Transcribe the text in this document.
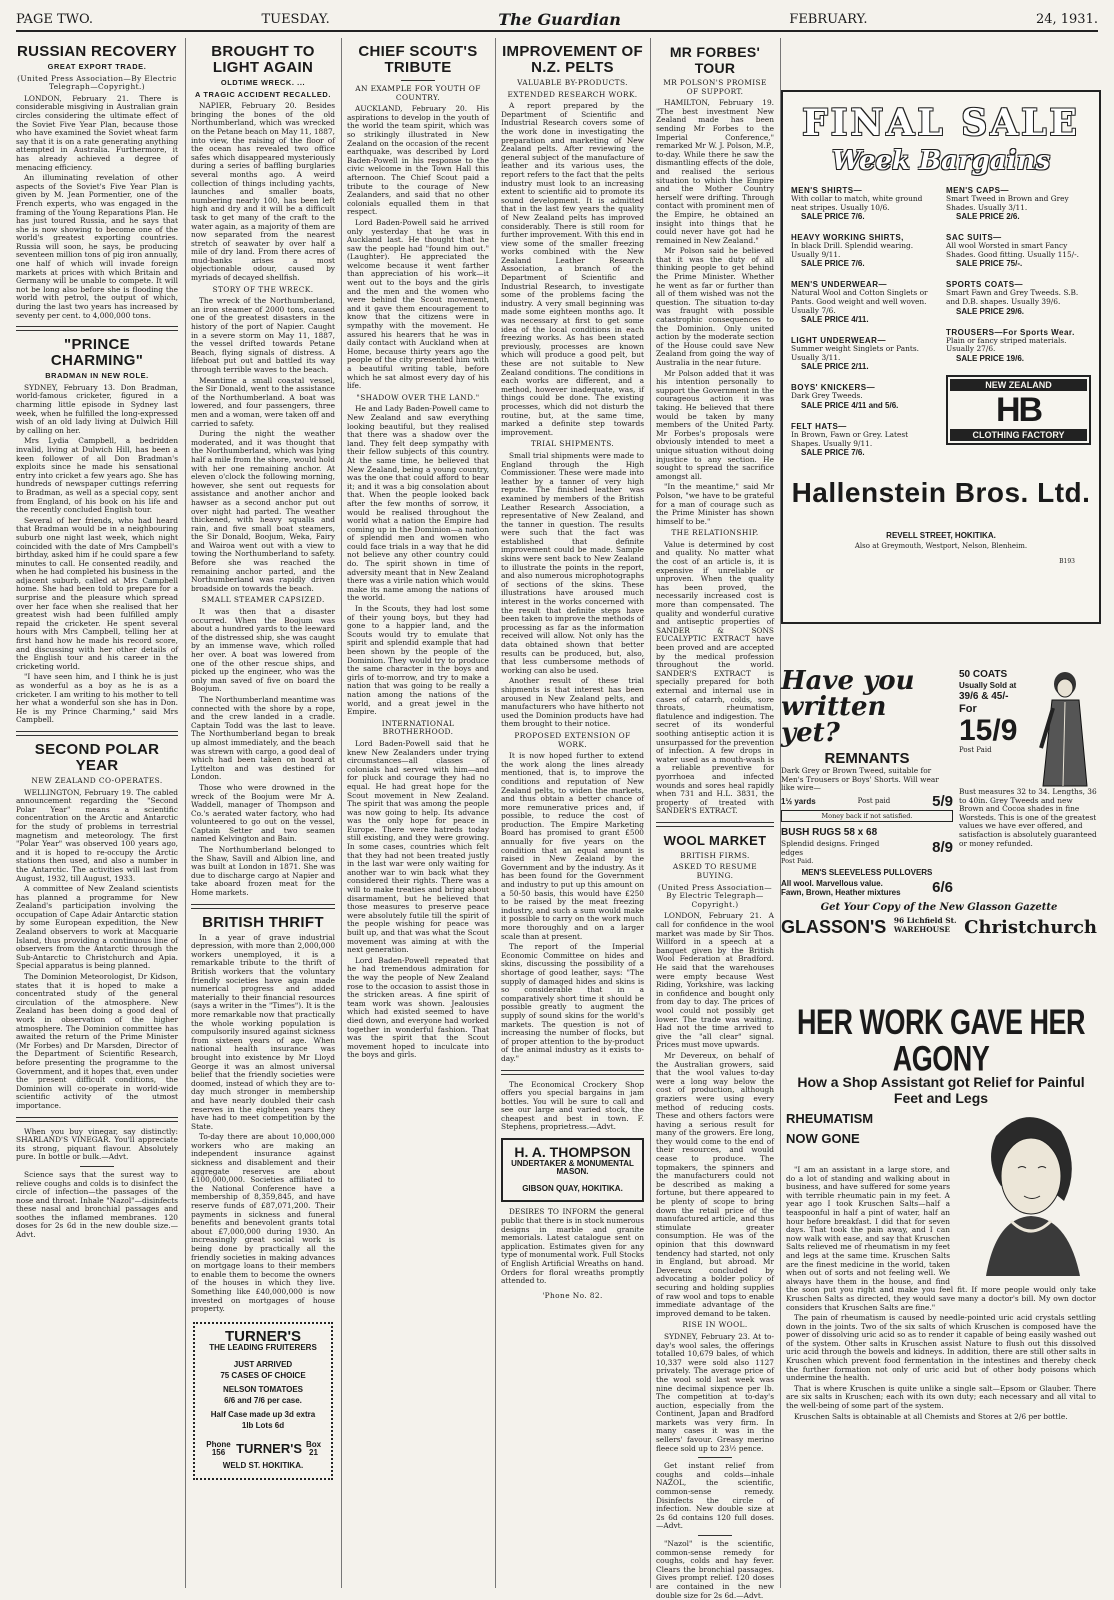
PAGE TWO.	TUESDAY.	The Guardian	FEBRUARY.	24, 1931.
RUSSIAN RECOVERY
GREAT EXPORT TRADE.
(United Press Association—By Electric Telegraph—Copyright.)

LONDON, February 21. There is considerable misgiving in Australian grain circles considering the ultimate effect of the Soviet Five Year Plan, because those who have examined the Soviet wheat farm say that it is on a rate generating anything attempted in Australia. Furthermore, it has already achieved a degree of menacing efficiency.

An illuminating revelation of other aspects of the Soviet's Five Year Plan is given by M. Jean Pormentier, one of the French experts, who was engaged in the framing of the Young Reparations Plan. He has just toured Russia, and he says that she is now showing to become one of the world's greatest exporting countries. Russia will soon, he says, be producing seventeen million tons of pig iron annually, one half of which will invade foreign markets at prices with which Britain and Germany will be unable to compete. It will not be long also before she is flooding the world with petrol, the output of which, during the last two years has increased by seventy per cent. to 4,000,000 tons.

"PRINCE CHARMING"
BRADMAN IN NEW ROLE.

SYDNEY, February 13. Don Bradman, world-famous cricketer, figured in a charming little episode in Sydney last week, when he fulfilled the long-expressed wish of an old lady living at Dulwich Hill by calling on her.

Mrs Lydia Campbell, a bedridden invalid, living at Dulwich Hill, has been a keen follower of all Don Bradman's exploits since he made his sensational entry into cricket a few years ago. She has hundreds of newspaper cuttings referring to Bradman, as well as a special copy, sent from England, of his book on his life and the recently concluded English tour.

Several of her friends, who had heard that Bradman would be in a neighbouring suburb one night last week, which night coincided with the date of Mrs Campbell's birthday, asked him if he could spare a few minutes to call. He consented readily, and when he had completed his business in the adjacent suburb, called at Mrs Campbell home. She had been told to prepare for a surprise and the pleasure which spread over her face when she realised that her greatest wish had been fulfilled amply repaid the cricketer. He spent several hours with Mrs Campbell, telling her at first hand how he made his record score, and discussing with her other details of the English tour and his career in the cricketing world.

"I have seen him, and I think he is just as wonderful as a boy as he is as a cricketer. I am writing to his mother to tell her what a wonderful son she has in Don. He is my Prince Charming," said Mrs Campbell.

SECOND POLAR YEAR
NEW ZEALAND CO-OPERATES.

WELLINGTON, February 19. The cabled announcement regarding the "Second Polar Year" means a scientific concentration on the Arctic and Antarctic for the study of problems in terrestrial magnetism and meteorology. The first "Polar Year" was observed 100 years ago, and it is hoped to re-occupy the Arctic stations then used, and also a number in the Antarctic. The activities will last from August, 1932, till August, 1933.

A committee of New Zealand scientists has planned a programme for New Zealand's participation involving the occupation of Cape Adair Antarctic station by some European expedition, the New Zealand observers to work at Macquarie Island, thus providing a continuous line of observers from the Antarctic through the Sub-Antarctic to Christchurch and Apia. Special apparatus is being planned.

The Dominion Meteorologist, Dr Kidson, states that it is hoped to make a concentrated study of the general circulation of the atmosphere. New Zealand has been doing a good deal of work in observation of the higher atmosphere. The Dominion committee has awaited the return of the Prime Minister (Mr Forbes) and Dr Marsden, Director of the Department of Scientific Research, before presenting the programme to the Government, and it hopes that, even under the present difficult conditions, the Dominion will co-operate in world-wide scientific activity of the utmost importance.

When you buy vinegar, say distinctly: SHARLAND'S VINEGAR. You'll appreciate its strong, piquant flavour. Absolutely pure. In bottle or bulk.—Advt.

Science says that the surest way to relieve coughs and colds is to disinfect the circle of infection—the passages of the nose and throat. Inhale "Nazol"—disinfects these nasal and bronchial passages and soothes the inflamed membranes. 120 doses for 2s 6d in the new double size.—Advt.

BROUGHT TO LIGHT AGAIN
OLDTIME WRECK. ...
A TRAGIC ACCIDENT RECALLED.

NAPIER, February 20. Besides bringing the bones of the old Northumberland, which was wrecked on the Petane beach on May 11, 1887, into view, the raising of the floor of the ocean has revealed two office safes which disappeared mysteriously during a series of baffling burglaries several months ago. A weird collection of things including yachts, launches and smaller boats, numbering nearly 100, has been left high and dry and it will be a difficult task to get many of the craft to the water again, as a majority of them are now separated from the nearest stretch of seawater by over half a mile of dry land. From there acres of mud-banks arises a most objectionable odour, caused by myriads of decayed shellfish.

STORY OF THE WRECK.

The wreck of the Northumberland, an iron steamer of 2000 tons, caused one of the greatest disasters in the history of the port of Napier. Caught in a severe storm on May 11, 1887, the vessel drifted towards Petane Beach, flying signals of distress. A lifeboat put out and battled its way through terrible waves to the beach.

Meantime a small coastal vessel, the Sir Donald, went to the assistance of the Northumberland. A boat was lowered, and four passengers, three men and a woman, were taken off and carried to safety.

During the night the weather moderated, and it was thought that the Northumberland, which was lying half a mile from the shore, would hold with her one remaining anchor. At eleven o'clock the following morning, however, she sent out requests for assistance and another anchor and hawser as a second anchor put out over night had parted. The weather thickened, with heavy squalls and rain, and five small boat steamers, the Sir Donald, Boojum, Weka, Fairy and Wairoa went out with a view to towing the Northumberland to safety. Before she was reached the remaining anchor parted, and the Northumberland was rapidly driven broadside on towards the beach.

SMALL STEAMER CAPSIZED.

It was then that a disaster occurred. When the Boojum was about a hundred yards to the leeward of the distressed ship, she was caught by an immense wave, which rolled her over. A boat was lowered from one of the other rescue ships, and picked up the engineer, who was the only man saved of five on board the Boojum.

The Northumberland meantime was connected with the shore by a rope, and the crew landed in a cradle. Captain Todd was the last to leave. The Northumberland began to break up almost immediately, and the beach was strewn with cargo, a good deal of which had been taken on board at Lyttelton and was destined for London.

Those who were drowned in the wreck of the Boojum were Mr A. Waddell, manager of Thompson and Co.'s aerated water factory, who had volunteered to go out on the vessel, Captain Setter and two seamen named Kelvington and Bain.

The Northumberland belonged to the Shaw, Savill and Albion line, and was built at London in 1871. She was due to discharge cargo at Napier and take aboard frozen meat for the Home markets.

BRITISH THRIFT

In a year of grave industrial depression, with more than 2,000,000 workers unemployed, it is a remarkable tribute to the thrift of British workers that the voluntary friendly societies have again made numerical progress and added materially to their financial resources (says a writer in the "Times"). It is the more remarkable now that practically the whole working population is compulsorily insured against sickness from sixteen years of age. When national health insurance was brought into existence by Mr Lloyd George it was an almost universal belief that the friendly societies were doomed, instead of which they are to-day much stronger in membership and have nearly doubled their cash reserves in the eighteen years they have had to meet competition by the State.

To-day there are about 10,000,000 workers who are making an independent insurance against sickness and disablement and their aggregate reserves are about £100,000,000. Societies affiliated to the National Conference have a membership of 8,359,845, and have reserve funds of £87,071,200. Their payments in sickness and funeral benefits and benevolent grants total about £7,000,000 during 1930. An increasingly great social work is being done by practically all the friendly societies in making advances on mortgage loans to their members to enable them to become the owners of the houses in which they live. Something like £40,000,000 is now invested on mortgages of house property.

TURNER'S
THE LEADING FRUITERERS
JUST ARRIVED
75 CASES OF CHOICE
NELSON TOMATOES
6/6 and 7/6 per case.
Half Case made up 3d extra
1lb Lots 6d
Phone 156 TURNER'S Box 21
WELD ST. HOKITIKA.
CHIEF SCOUT'S TRIBUTE
AN EXAMPLE FOR YOUTH OF COUNTRY.

AUCKLAND, February 20. His aspirations to develop in the youth of the world the team spirit, which was so strikingly illustrated in New Zealand on the occasion of the recent earthquake, was described by Lord Baden-Powell in his response to the civic welcome in the Town Hall this afternoon. The Chief Scout paid a tribute to the courage of New Zealanders, and said that no other colonials equalled them in that respect.

Lord Baden-Powell said he arrived only yesterday that he was in Auckland last. He thought that he saw the people had "found him out." (Laughter). He appreciated the welcome because it went farther than appreciation of his work—it went out to the boys and the girls and the men and the women who were behind the Scout movement, and it gave them encouragement to know that the citizens were in sympathy with the movement. He assured his hearers that he was in daily contact with Auckland when at Home, because thirty years ago the people of the city presented him with a beautiful writing table, before which he sat almost every day of his life.

"SHADOW OVER THE LAND."

He and Lady Baden-Powell came to New Zealand and saw everything looking beautiful, but they realised that there was a shadow over the land. They felt deep sympathy with their fellow subjects of this country. At the same time, he believed that New Zealand, being a young country, was the one that could afford to bear it; and it was a big consolation about that. When the people looked back after the few months of sorrow, it would be realised throughout the world what a nation the Empire had coming up in the Dominion—a nation of splendid men and women who could face trials in a way that he did not believe any other country could do. The spirit shown in time of adversity meant that in New Zealand there was a virile nation which would make its name among the nations of the world.

In the Scouts, they had lost some of their young boys, but they had gone to a happier land, and the Scouts would try to emulate that spirit and splendid example that had been shown by the people of the Dominion. They would try to produce the same character in the boys and girls of to-morrow, and try to make a nation that was going to be really a nation among the nations of the world, and a great jewel in the Empire.

INTERNATIONAL BROTHERHOOD.

Lord Baden-Powell said that he knew New Zealanders under trying circumstances—all classes of colonials had served with him—and for pluck and courage they had no equal. He had great hope for the Scout movement in New Zealand. The spirit that was among the people was now going to help. Its advance was the only hope for peace in Europe. There were hatreds today still existing, and they were growing. In some cases, countries which felt that they had not been treated justly in the last war were only waiting for another war to win back what they considered their rights. There was a will to make treaties and bring about disarmament, but he believed that those measures to preserve peace were absolutely futile till the spirit of the people wishing for peace was built up, and that was what the Scout movement was aiming at with the next generation.

Lord Baden-Powell repeated that he had tremendous admiration for the way the people of New Zealand rose to the occasion to assist those in the stricken areas. A fine spirit of team work was shown. Jealousies which had existed seemed to have died down, and everyone had worked together in wonderful fashion. That was the spirit that the Scout movement hoped to inculcate into the boys and girls.

IMPROVEMENT OF N.Z. PELTS
VALUABLE BY-PRODUCTS.
EXTENDED RESEARCH WORK.

A report prepared by the Department of Scientific and Industrial Research covers some of the work done in investigating the preparation and marketing of New Zealand pelts. After reviewing the general subject of the manufacture of leather and its various uses, the report refers to the fact that the pelts industry must look to an increasing extent to scientific aid to promote its sound development. It is admitted that in the last few years the quality of New Zealand pelts has improved considerably. There is still room for further improvement. With this end in view some of the smaller freezing works combined with the New Zealand Leather Research Association, a branch of the Department of Scientific and Industrial Research, to investigate some of the problems facing the industry. A very small beginning was made some eighteen months ago. It was necessary at first to get some idea of the local conditions in each freezing works. As has been stated previously, processes are known which will produce a good pelt, but these are not suitable to New Zealand conditions. The conditions in each works are different, and a method, however inadequate, was, if things could be done. The existing processes, which did not disturb the routine, but, at the same time, marked a definite step towards improvement.

TRIAL SHIPMENTS.

Small trial shipments were made to England through the High Commissioner. These were made into leather by a tanner of very high repute. The finished leather was examined by members of the British Leather Research Association, a representative of New Zealand, and the tanner in question. The results were such that the fact was established that definite improvement could be made. Sample skins were sent back to New Zealand to illustrate the points in the report, and also numerous microphotographs of sections of the skins. These illustrations have aroused much interest in the works concerned with the result that definite steps have been taken to improve the methods of processing as far as the information received will allow. Not only has the data obtained shown that better results can be produced, but, also, that less cumbersome methods of working can also be used.

Another result of these trial shipments is that interest has been aroused in New Zealand pelts, and manufacturers who have hitherto not used the Dominion products have had them brought to their notice.

PROPOSED EXTENSION OF WORK.

It is now hoped further to extend the work along the lines already mentioned, that is, to improve the conditions and reputation of New Zealand pelts, to widen the markets, and thus obtain a better chance of more remunerative prices and, if possible, to reduce the cost of production. The Empire Marketing Board has promised to grant £500 annually for five years on the condition that an equal amount is raised in New Zealand by the Government and by the industry. As it has been found for the Government and industry to put up this amount on a 50-50 basis, this would have £250 to be raised by the meat freezing industry, and such a sum would make it possible to carry on the work much more thoroughly and on a larger scale than at present.

The report of the Imperial Economic Committee on hides and skins, discussing the possibility of a shortage of good leather, says: "The supply of damaged hides and skins is so considerable that in a comparatively short time it should be possible greatly to augment the supply of sound skins for the world's markets. The question is not of increasing the number of flocks, but of proper attention to the by-product of the animal industry as it exists to-day."

The Economical Crockery Shop offers you special bargains in jam bottles. You will be sure to call and see our large and varied stock, the cheapest and best in town. F. Stephens, proprietress.—Advt.

H. A. THOMPSON
UNDERTAKER & MONUMENTAL MASON.
GIBSON QUAY, HOKITIKA.

DESIRES TO INFORM the general public that there is in stock numerous designs in marble and granite memorials. Latest catalogue sent on application. Estimates given for any type of monumental work. Full Stocks of English Artificial Wreaths on hand. Orders for floral wreaths promptly attended to.

'Phone No. 82.
MR FORBES' TOUR
MR POLSON'S PROMISE OF SUPPORT.

HAMILTON, February 19. "The best investment New Zealand made has been sending Mr Forbes to the Imperial Conference," remarked Mr W. J. Polson, M.P., to-day. While there he saw the dismantling effects of the dole, and realised the serious situation to which the Empire and the Mother Country herself were drifting. Through contact with prominent men of the Empire, he obtained an insight into things that he could never have got had he remained in New Zealand."

Mr Polson said he believed that it was the duty of all thinking people to get behind the Prime Minister. Whether he went as far or further than all of them wished was not the question. The situation to-day was fraught with possible catastrophic consequences to the Dominion. Only united action by the moderate section of the House could save New Zealand from going the way of Australia in the near future.

Mr Polson added that it was his intention personally to support the Government in the courageous action it was taking. He believed that there would be taken by many members of the United Party. Mr Forbes's proposals were obviously intended to meet a unique situation without doing injustice to any section. He sought to spread the sacrifice amongst all.

"In the meantime," said Mr Polson, "we have to be grateful for a man of courage such as the Prime Minister has shown himself to be."

THE RELATIONSHIP.

Value is determined by cost and quality. No matter what the cost of an article is, it is expensive if unreliable or unproven. When the quality has been proved, the necessarily increased cost is more than compensated. The quality and wonderful curative and antiseptic properties of SANDER & SONS EUCALYPTIC EXTRACT have been proved and are accepted by the medical profession throughout the world. SANDER'S EXTRACT is specially prepared for both external and internal use in cases of catarrh, colds, sore throats, rheumatism, flatulence and indigestion. The secret of its wonderful soothing antiseptic action it is unsurpassed for the prevention of infection. A few drops in water used as a mouth-wash is a reliable preventive for pyorrhoea and infected wounds and sores heal rapidly when 731 and H.L. 3831, the property of treated with SANDER'S EXTRACT.

WOOL MARKET
BRITISH FIRMS.
ASKED TO RESUME BUYING.
(United Press Association—By Electric Telegraph—Copyright.)

LONDON, February 21. A call for confidence in the wool market was made by Sir Thos. Willford in a speech at a banquet given by the British Wool Federation at Bradford. He said that the warehouses were empty because West Riding, Yorkshire, was lacking in confidence and bought only from day to day. The prices of wool could not possibly get lower. The trade was waiting. Had not the time arrived to give the "all clear" signal. Prices must move upwards.

Mr Devereux, on behalf of the Australian growers, said that the wool values to-day were a long way below the cost of production, although graziers were using every method of reducing costs. These and others factors were having a serious result for many of the growers. Ere long, they would come to the end of their resources, and would cease to produce. The topmakers, the spinners and the manufacturers could not be described as making a fortune, but there appeared to be plenty of scope to bring down the retail price of the manufactured article, and thus stimulate greater consumption. He was of the opinion that this downward tendency had started, not only in England, but abroad. Mr Devereux concluded by advocating a bolder policy of securing and holding supplies of raw wool and tops to enable immediate advantage of the improved demand to be taken.

RISE IN WOOL.

SYDNEY, February 23. At to-day's wool sales, the offerings totalled 10,679 bales, of which 10,337 were sold also 1127 privately. The average price of the wool sold last week was nine decimal sixpence per lb. The competition at to-day's auction, especially from the Continent, Japan and Bradford markets was very firm. In many cases it was in the sellers' favour. Greasy merino fleece sold up to 23½ pence.

Get instant relief from coughs and colds—inhale NAZOL, the scientific, common-sense remedy. Disinfects the circle of infection. New double size at 2s 6d contains 120 full doses.—Advt.

"Nazol" is the scientific, common-sense remedy for coughs, colds and hay fever. Clears the bronchial passages. Gives prompt relief. 120 doses are contained in the new double size for 2s 6d.—Advt.

FINAL SALE
Week Bargains
MEN'S SHIRTS—
With collar to match, white ground neat stripes. Usually 10/6.
SALE PRICE 7/6.
HEAVY WORKING SHIRTS,
In black Drill. Splendid wearing. Usually 9/11.
SALE PRICE 7/6.
MEN'S UNDERWEAR—
Natural Wool and Cotton Singlets or Pants. Good weight and well woven. Usually 7/6.
SALE PRICE 4/11.
LIGHT UNDERWEAR—
Summer weight Singlets or Pants. Usually 3/11.
SALE PRICE 2/11.
BOYS' KNICKERS—
Dark Grey Tweeds.
SALE PRICE 4/11 and 5/6.
FELT HATS—
In Brown, Fawn or Grey. Latest Shapes. Usually 9/11.
SALE PRICE 7/6.
MEN'S CAPS—
Smart Tweed in Brown and Grey Shades. Usually 3/11.
SALE PRICE 2/6.
SAC SUITS—
All wool Worsted in smart Fancy Shades. Good fitting. Usually 115/-.
SALE PRICE 75/-.
SPORTS COATS—
Smart Fawn and Grey Tweeds. S.B. and D.B. shapes. Usually 39/6.
SALE PRICE 29/6.
TROUSERS—For Sports Wear.
Plain or fancy striped materials. Usually 27/6.
SALE PRICE 19/6.
NEW ZEALAND
HB
CLOTHING FACTORY
Hallenstein Bros. Ltd.
B193
REVELL STREET, HOKITIKA.
Also at Greymouth, Westport, Nelson, Blenheim.
Have you written yet?
REMNANTS
Dark Grey or Brown Tweed, suitable for Men's Trousers or Boys' Shorts. Will wear like wire—
1½ yards	Post paid	5/9
Money back if not satisfied.
BUSH RUGS 58 x 68
Splendid designs. Fringed edges	8/9
Post Paid.
MEN'S SLEEVELESS PULLOVERS
All wool. Marvellous value. Fawn, Brown, Heather mixtures 6/6
50 COATS
Usually Sold at
39/6 & 45/-
For
15/9
Post Paid
Bust measures 32 to 34. Lengths, 36 to 40in. Grey Tweeds and new Brown and Cocoa shades in fine Worsteds. This is one of the greatest values we have ever offered, and satisfaction is absolutely guaranteed or money refunded.
Get Your Copy of the New Glasson Gazette
GLASSON'S 96 Lichfield St.
WAREHOUSE Christchurch
HER WORK GAVE HER AGONY
How a Shop Assistant got Relief for Painful Feet and Legs
RHEUMATISM
NOW GONE

"I am an assistant in a large store, and do a lot of standing and walking about in business, and have suffered for some years with terrible rheumatic pain in my feet. A year ago I took Kruschen Salts—half a teaspoonful in half a pint of water, half an hour before breakfast. I did that for seven days. That took the pain away, and I can now walk with ease, and say that Kruschen Salts relieved me of rheumatism in my feet and legs at the same time. Kruschen Salts are the finest medicine in the world, taken when out of sorts and not feeling well. We always have them in the house, and find the soon put you right and make you feel fit. If more people would only take Kruschen Salts as directed, they would save many a doctor's bill. My own doctor considers that Kruschen Salts are fine."

The pain of rheumatism is caused by needle-pointed uric acid crystals settling down in the joints. Two of the six salts of which Kruschen is composed have the power of dissolving uric acid so as to render it capable of being easily washed out of the system. Other salts in Kruschen assist Nature to flush out this dissolved uric acid through the bowels and kidneys. In addition, there are still other salts in Kruschen which prevent food fermentation in the intestines and thereby check the further formation not only of uric acid but of other body poisons which undermine the health.

That is where Kruschen is quite unlike a single salt—Epsom or Glauber. There are six salts in Kruschen; each with its own duty; each necessary and all vital to the well-being of some part of the system.

Kruschen Salts is obtainable at all Chemists and Stores at 2/6 per bottle.
